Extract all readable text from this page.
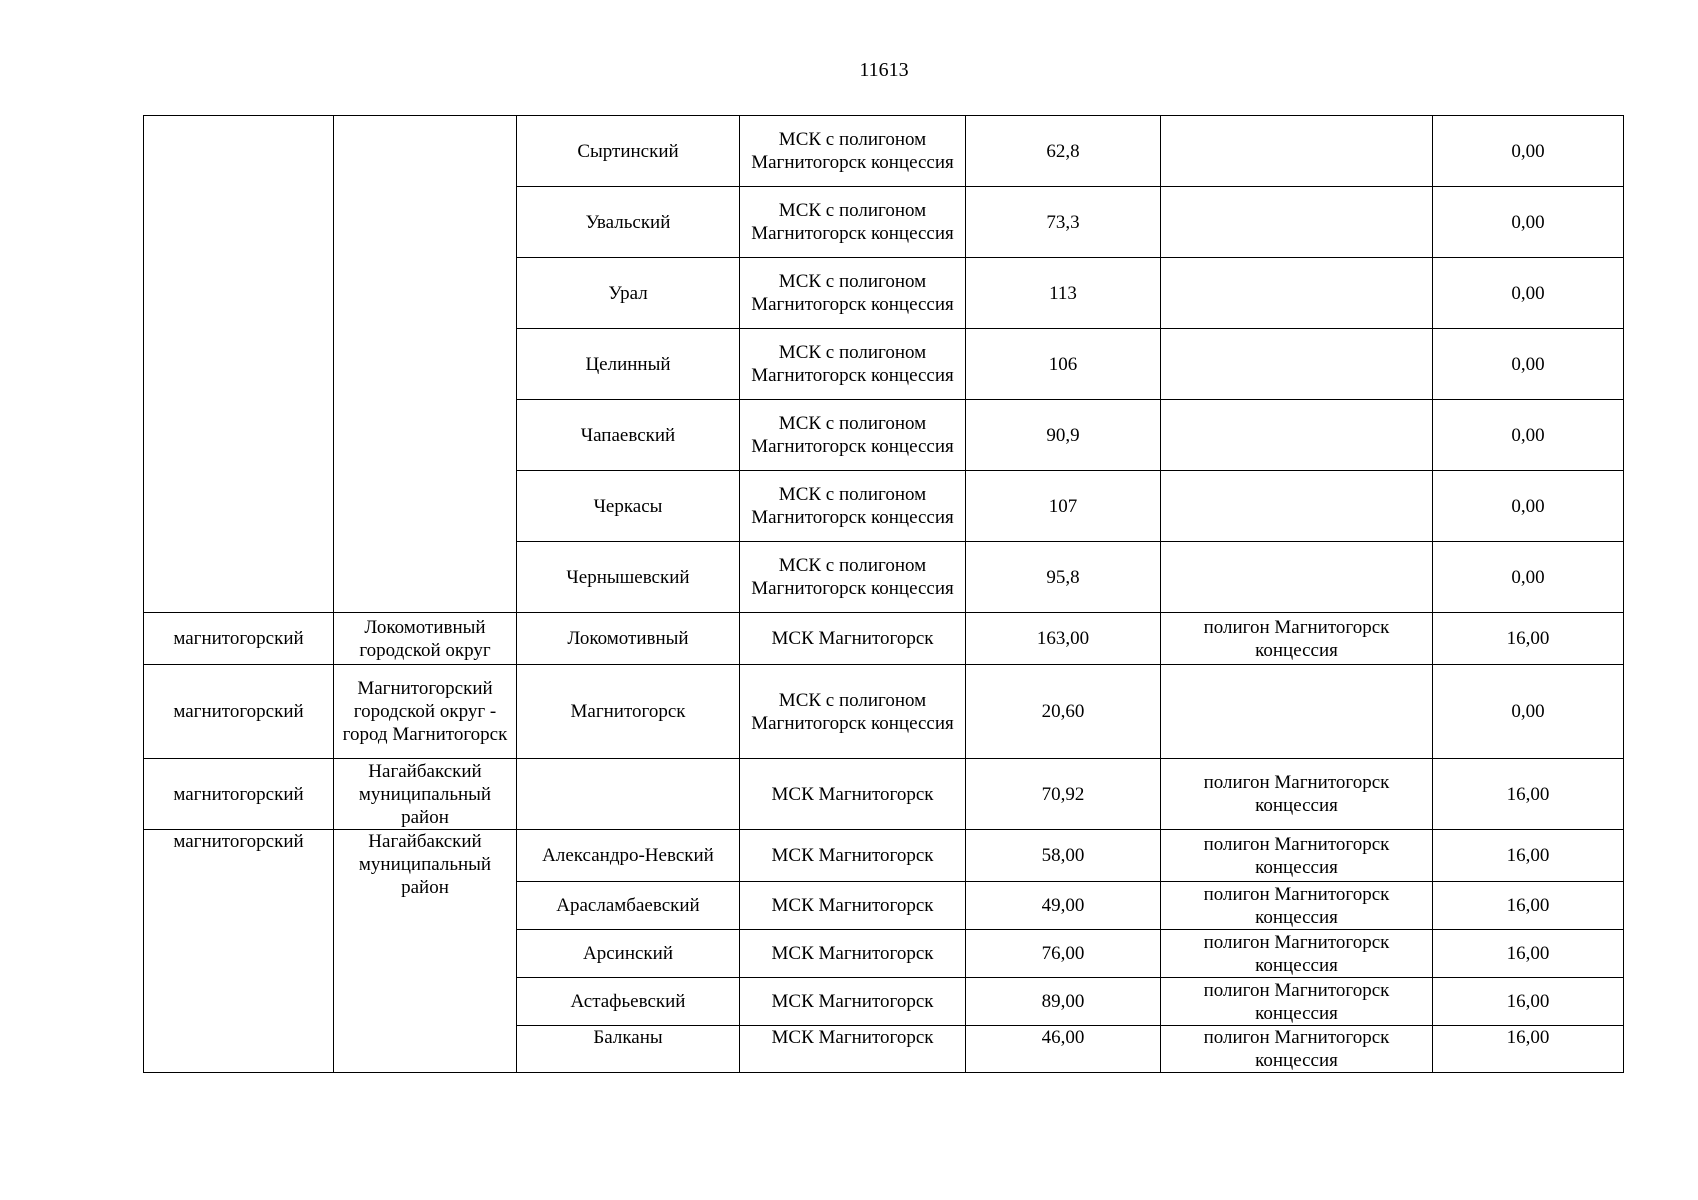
11613
		Сыртинский	МСК с полигоном Магнитогорск концессия	62,8		0,00
		Увальский	МСК с полигоном Магнитогорск концессия	73,3		0,00
		Урал	МСК с полигоном Магнитогорск концессия	113		0,00
		Целинный	МСК с полигоном Магнитогорск концессия	106		0,00
		Чапаевский	МСК с полигоном Магнитогорск концессия	90,9		0,00
		Черкасы	МСК с полигоном Магнитогорск концессия	107		0,00
		Чернышевский	МСК с полигоном Магнитогорск концессия	95,8		0,00
магнитогорский	Локомотивный городской округ	Локомотивный	МСК Магнитогорск	163,00	полигон Магнитогорск концессия	16,00
магнитогорский	Магнитогорский городской округ - город Магнитогорск	Магнитогорск	МСК с полигоном Магнитогорск концессия	20,60		0,00
магнитогорский	Нагайбакский муниципальный район		МСК Магнитогорск	70,92	полигон Магнитогорск концессия	16,00
магнитогорский	Нагайбакский муниципальный район	Александро-Невский	МСК Магнитогорск	58,00	полигон Магнитогорск концессия	16,00
		Арасламбаевский	МСК Магнитогорск	49,00	полигон Магнитогорск концессия	16,00
		Арсинский	МСК Магнитогорск	76,00	полигон Магнитогорск концессия	16,00
		Астафьевский	МСК Магнитогорск	89,00	полигон Магнитогорск концессия	16,00
		Балканы	МСК Магнитогорск	46,00	полигон Магнитогорск концессия	16,00
